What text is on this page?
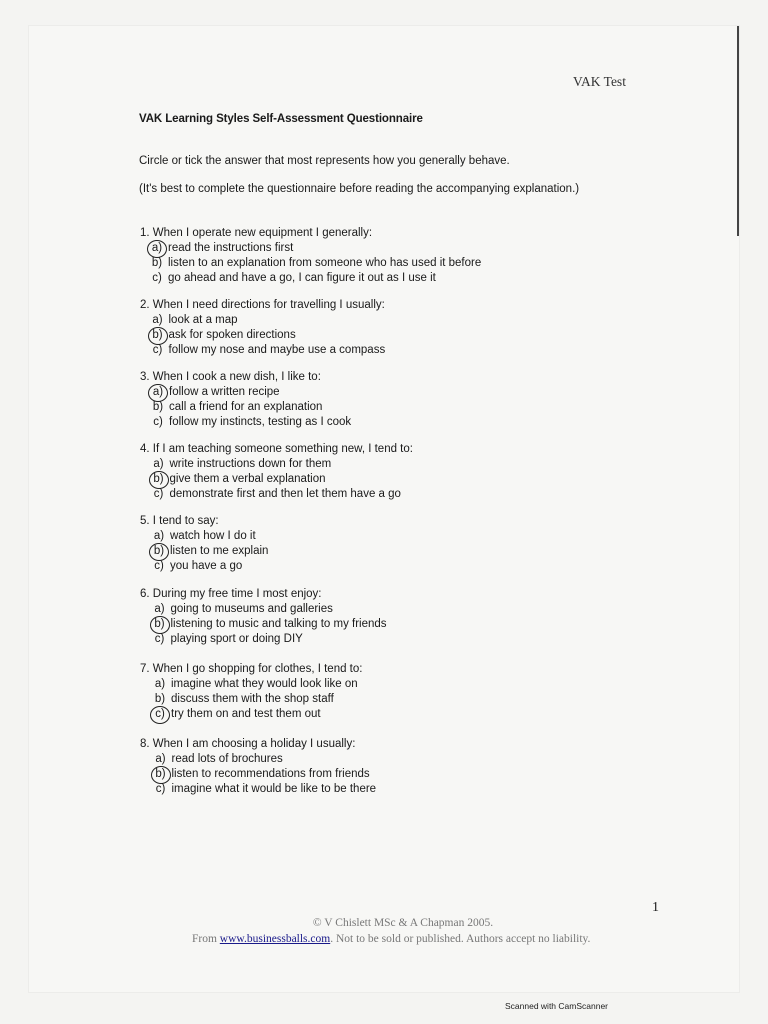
VAK Test
VAK Learning Styles Self-Assessment Questionnaire
Circle or tick the answer that most represents how you generally behave.
(It's best to complete the questionnaire before reading the accompanying explanation.)
1. When I operate new equipment I generally:
a) read the instructions first
b) listen to an explanation from someone who has used it before
c) go ahead and have a go, I can figure it out as I use it
2. When I need directions for travelling I usually:
a) look at a map
b) ask for spoken directions
c) follow my nose and maybe use a compass
3. When I cook a new dish, I like to:
a) follow a written recipe
b) call a friend for an explanation
c) follow my instincts, testing as I cook
4. If I am teaching someone something new, I tend to:
a) write instructions down for them
b) give them a verbal explanation
c) demonstrate first and then let them have a go
5. I tend to say:
a) watch how I do it
b) listen to me explain
c) you have a go
6. During my free time I most enjoy:
a) going to museums and galleries
b) listening to music and talking to my friends
c) playing sport or doing DIY
7. When I go shopping for clothes, I tend to:
a) imagine what they would look like on
b) discuss them with the shop staff
c) try them on and test them out
8. When I am choosing a holiday I usually:
a) read lots of brochures
b) listen to recommendations from friends
c) imagine what it would be like to be there
1
© V Chislett MSc & A Chapman 2005.
From www.businessballs.com. Not to be sold or published. Authors accept no liability.
Scanned with CamScanner
